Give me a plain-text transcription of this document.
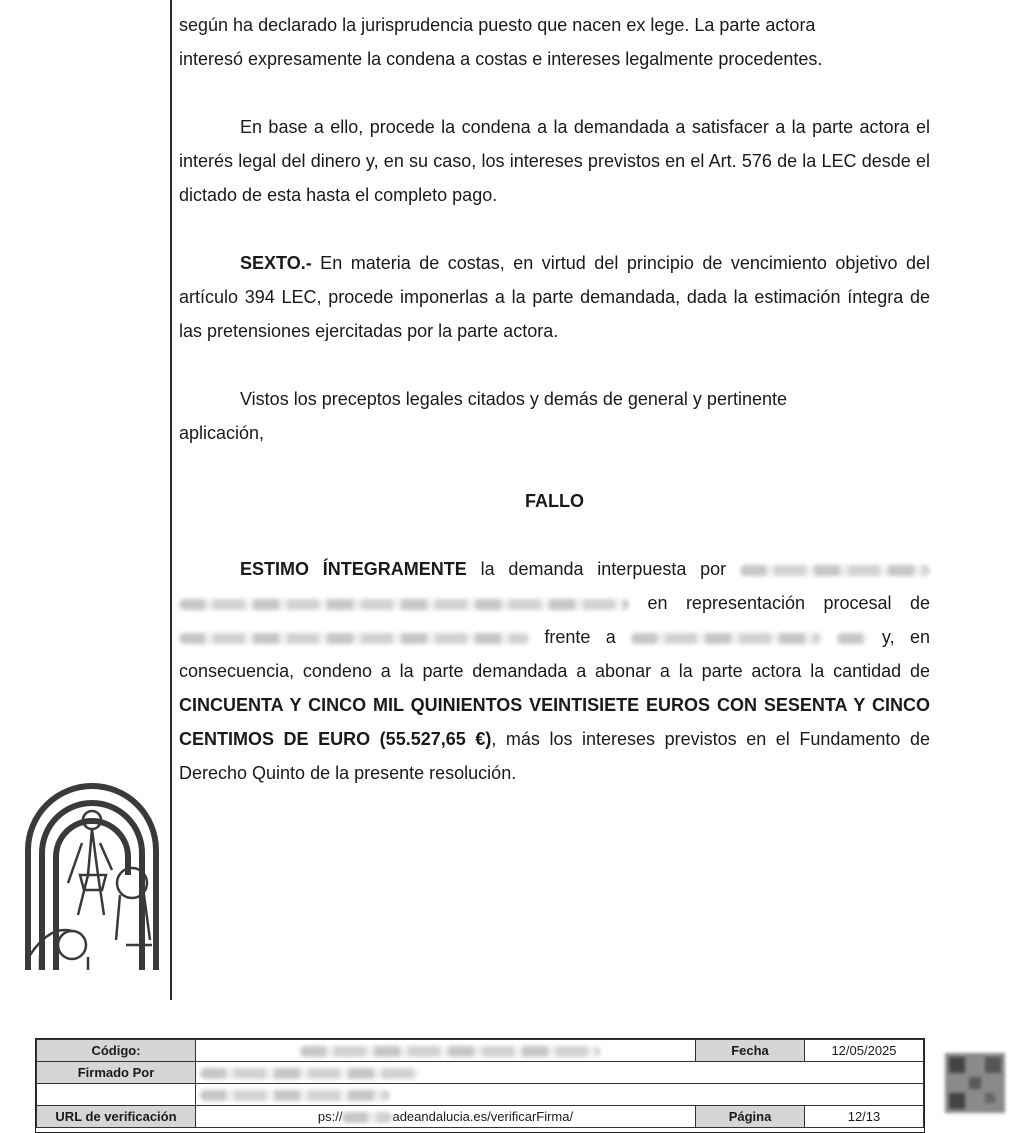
según ha declarado la jurisprudencia puesto que nacen ex lege. La parte actora
interesó expresamente la condena a costas e intereses legalmente procedentes.

En base a ello, procede la condena a la demandada a satisfacer a la parte actora el interés legal del dinero y, en su caso, los intereses previstos en el Art. 576 de la LEC desde el dictado de esta hasta el completo pago.

SEXTO.- En materia de costas, en virtud del principio de vencimiento objetivo del artículo 394 LEC, procede imponerlas a la parte demandada, dada la estimación íntegra de las pretensiones ejercitadas por la parte actora.

Vistos los preceptos legales citados y demás de general y pertinente aplicación,

FALLO

ESTIMO ÍNTEGRAMENTE la demanda interpuesta por   en representación procesal de  frente a	y, en consecuencia, condeno a la parte demandada a abonar a la parte actora la cantidad de CINCUENTA Y CINCO MIL QUINIENTOS VEINTISIETE EUROS CON SESENTA Y CINCO CENTIMOS DE EURO (55.527,65 €), más los intereses previstos en el Fundamento de Derecho Quinto de la presente resolución.

Código:		Fecha	12/05/2025
Firmado Por			

URL de verificación	ps:// adeandalucia.es/verificarFirma/	Página	12/13
